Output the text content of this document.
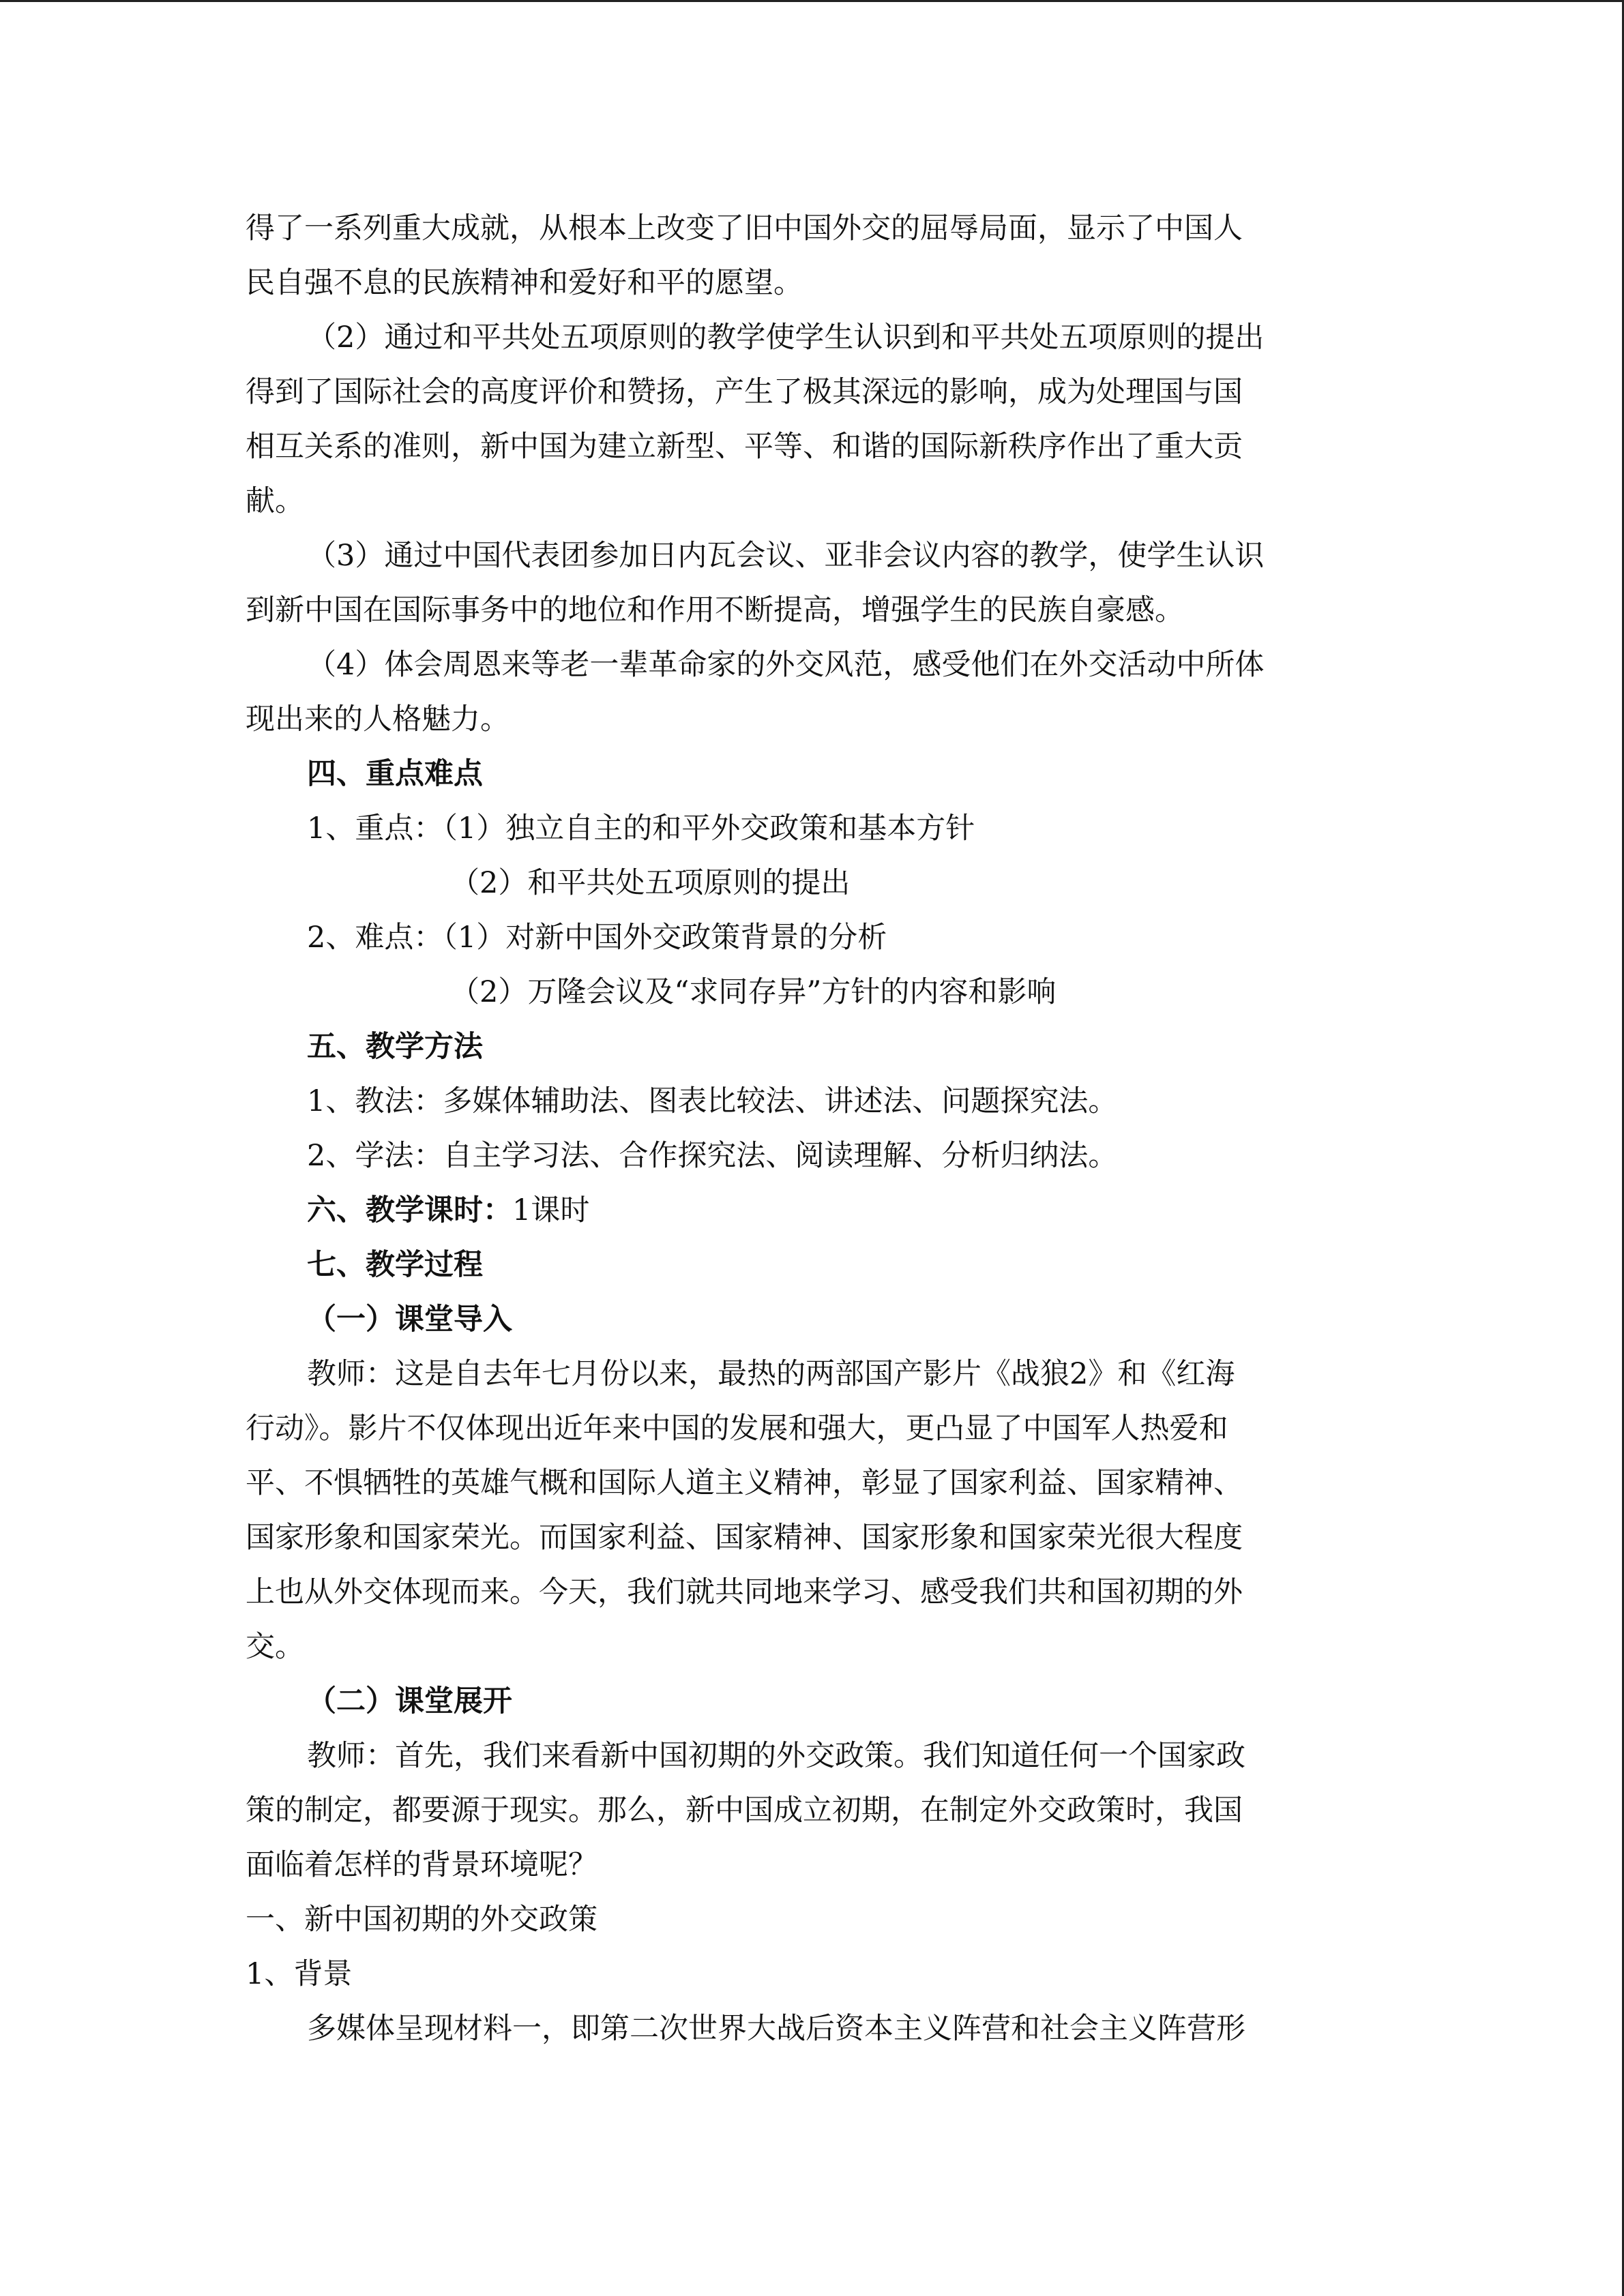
得了一系列重大成就，从根本上改变了旧中国外交的屈辱局面，显示了中国人
民自强不息的民族精神和爱好和平的愿望。
（2）通过和平共处五项原则的教学使学生认识到和平共处五项原则的提出
得到了国际社会的高度评价和赞扬，产生了极其深远的影响，成为处理国与国
相互关系的准则，新中国为建立新型、平等、和谐的国际新秩序作出了重大贡
献。
（3）通过中国代表团参加日内瓦会议、亚非会议内容的教学，使学生认识
到新中国在国际事务中的地位和作用不断提高，增强学生的民族自豪感。
（4）体会周恩来等老一辈革命家的外交风范，感受他们在外交活动中所体
现出来的人格魅力。
四、重点难点
1、重点：（1）独立自主的和平外交政策和基本方针
（2）和平共处五项原则的提出
2、难点：（1）对新中国外交政策背景的分析
（2）万隆会议及“求同存异”方针的内容和影响
五、教学方法
1、教法：多媒体辅助法、图表比较法、讲述法、问题探究法。
2、学法：自主学习法、合作探究法、阅读理解、分析归纳法。
七、教学过程
（一）课堂导入
教师：这是自去年七月份以来，最热的两部国产影片《战狼2》和《红海
行动》。影片不仅体现出近年来中国的发展和强大，更凸显了中国军人热爱和
平、不惧牺牲的英雄气概和国际人道主义精神，彰显了国家利益、国家精神、
国家形象和国家荣光。而国家利益、国家精神、国家形象和国家荣光很大程度
上也从外交体现而来。今天，我们就共同地来学习、感受我们共和国初期的外
交。
（二）课堂展开
教师：首先，我们来看新中国初期的外交政策。我们知道任何一个国家政
策的制定，都要源于现实。那么，新中国成立初期，在制定外交政策时，我国
面临着怎样的背景环境呢？
一、新中国初期的外交政策
1、背景
多媒体呈现材料一，即第二次世界大战后资本主义阵营和社会主义阵营形
六、教学课时：1课时
